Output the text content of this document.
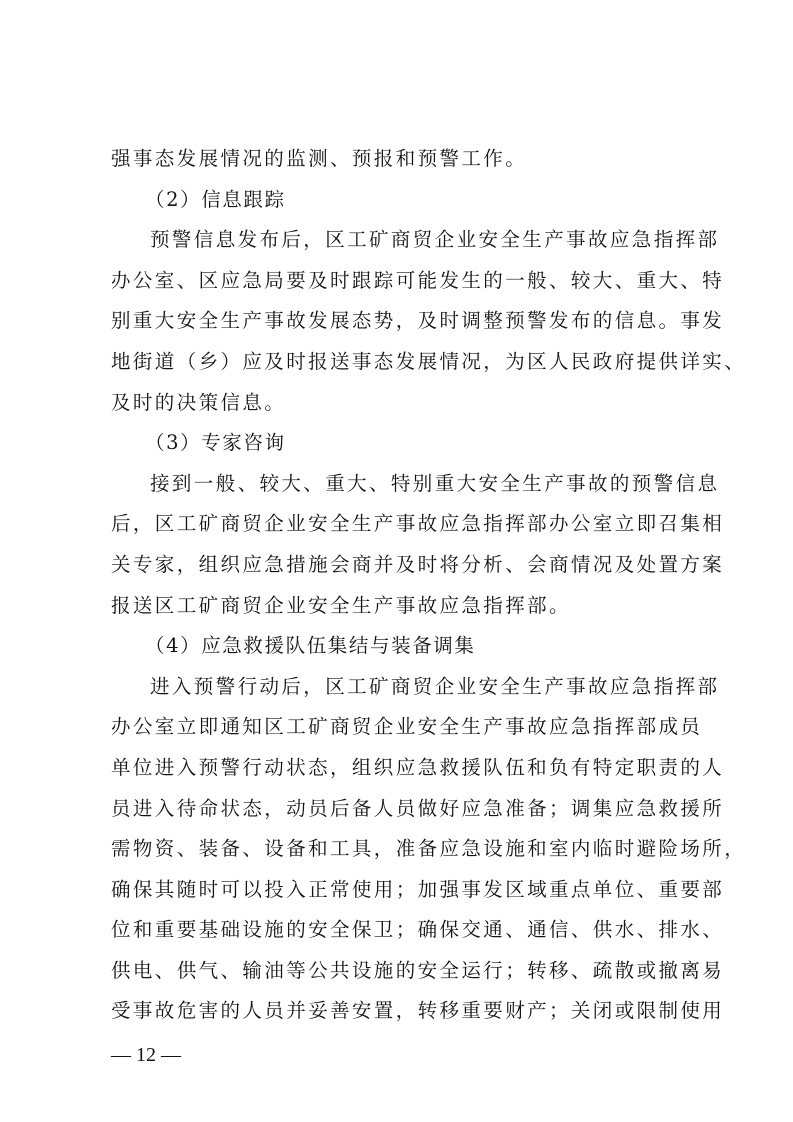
强事态发展情况的监测、预报和预警工作。
（2）信息跟踪
预警信息发布后，区工矿商贸企业安全生产事故应急指挥部
办公室、区应急局要及时跟踪可能发生的一般、较大、重大、特
别重大安全生产事故发展态势，及时调整预警发布的信息。事发
地街道（乡）应及时报送事态发展情况，为区人民政府提供详实、
及时的决策信息。
（3）专家咨询
接到一般、较大、重大、特别重大安全生产事故的预警信息
后，区工矿商贸企业安全生产事故应急指挥部办公室立即召集相
关专家，组织应急措施会商并及时将分析、会商情况及处置方案
报送区工矿商贸企业安全生产事故应急指挥部。
（4）应急救援队伍集结与装备调集
进入预警行动后，区工矿商贸企业安全生产事故应急指挥部
办公室立即通知区工矿商贸企业安全生产事故应急指挥部成员
单位进入预警行动状态，组织应急救援队伍和负有特定职责的人
员进入待命状态，动员后备人员做好应急准备；调集应急救援所
需物资、装备、设备和工具，准备应急设施和室内临时避险场所，
确保其随时可以投入正常使用；加强事发区域重点单位、重要部
位和重要基础设施的安全保卫；确保交通、通信、供水、排水、
供电、供气、输油等公共设施的安全运行；转移、疏散或撤离易
受事故危害的人员并妥善安置，转移重要财产；关闭或限制使用
— 12 —
